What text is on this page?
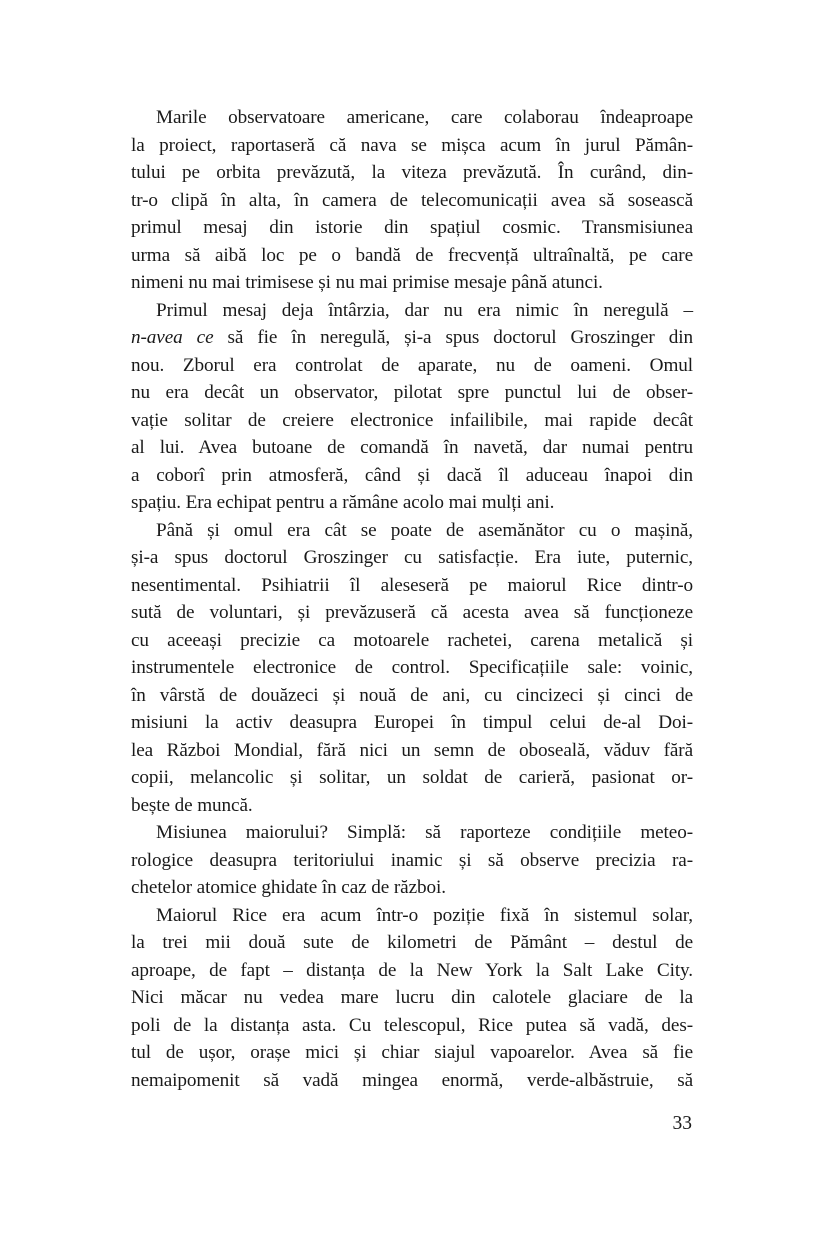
Marile observatoare americane, care colaborau îndeaproape
la proiect, raportaseră că nava se mișca acum în jurul Pămân-
tului pe orbita prevăzută, la viteza prevăzută. În curând, din-
tr-o clipă în alta, în camera de telecomunicații avea să sosească
primul mesaj din istorie din spațiul cosmic. Transmisiunea
urma să aibă loc pe o bandă de frecvență ultraînaltă, pe care
nimeni nu mai trimisese și nu mai primise mesaje până atunci.
Primul mesaj deja întârzia, dar nu era nimic în neregulă –
n-avea ce să fie în neregulă, și-a spus doctorul Groszinger din
nou. Zborul era controlat de aparate, nu de oameni. Omul
nu era decât un observator, pilotat spre punctul lui de obser-
vație solitar de creiere electronice infailibile, mai rapide decât
al lui. Avea butoane de comandă în navetă, dar numai pentru
a coborî prin atmosferă, când și dacă îl aduceau înapoi din
spațiu. Era echipat pentru a rămâne acolo mai mulți ani.
Până și omul era cât se poate de asemănător cu o mașină,
și-a spus doctorul Groszinger cu satisfacție. Era iute, puternic,
nesentimental. Psihiatrii îl aleseseră pe maiorul Rice dintr-o
sută de voluntari, și prevăzuseră că acesta avea să funcționeze
cu aceeași precizie ca motoarele rachetei, carena metalică și
instrumentele electronice de control. Specificațiile sale: voinic,
în vârstă de douăzeci și nouă de ani, cu cincizeci și cinci de
misiuni la activ deasupra Europei în timpul celui de-al Doi-
lea Război Mondial, fără nici un semn de oboseală, văduv fără
copii, melancolic și solitar, un soldat de carieră, pasionat or-
bește de muncă.
Misiunea maiorului? Simplă: să raporteze condițiile meteo-
rologice deasupra teritoriului inamic și să observe precizia ra-
chetelor atomice ghidate în caz de război.
Maiorul Rice era acum într-o poziție fixă în sistemul solar,
la trei mii două sute de kilometri de Pământ – destul de
aproape, de fapt – distanța de la New York la Salt Lake City.
Nici măcar nu vedea mare lucru din calotele glaciare de la
poli de la distanța asta. Cu telescopul, Rice putea să vadă, des-
tul de ușor, orașe mici și chiar siajul vapoarelor. Avea să fie
nemaipomenit să vadă mingea enormă, verde-albăstruie, să
33
